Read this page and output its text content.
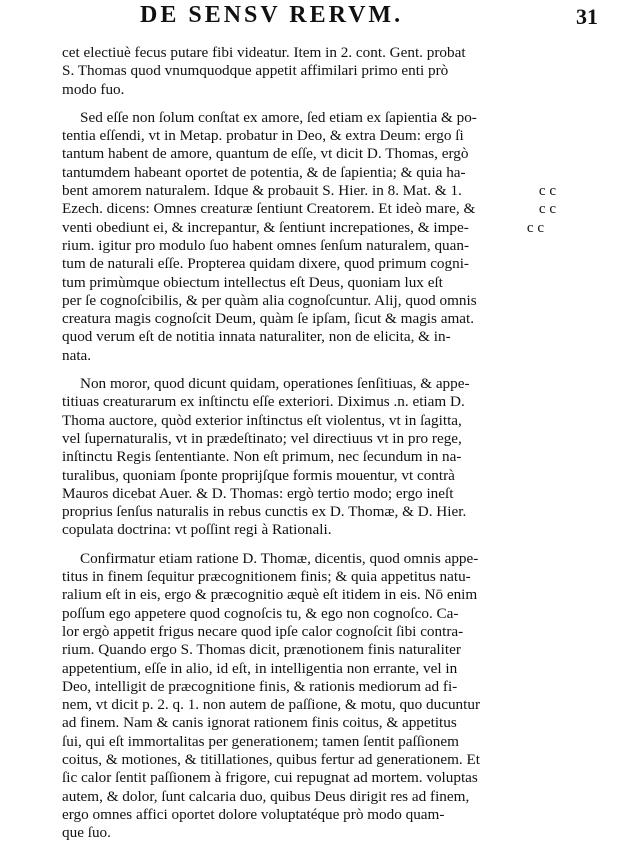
DE SENSV RERVM.	31
cet electiuè fecus putare fibi videatur. Item in 2. cont. Gent. probat
S. Thomas quod vnumquodque appetit affimilari primo enti prò
modo fuo.
Sed eſſe non ſolum conſtat ex amore, ſed etiam ex ſapientia & po-
tentia eſſendi, vt in Metap. probatur in Deo, & extra Deum: ergo ſi
tantum habent de amore, quantum de eſſe, vt dicit D. Thomas, ergò
tantumdem habeant oportet de potentia, & de ſapientia; & quia ha-
bent amorem naturalem. Idque & probauit S. Hier. in 8. Mat. & 1.
Ezech. dicens: Omnes creaturæ ſentiunt Creatorem. Et ideò mare, &
venti obediunt ei, & increpantur, & ſentiunt increpationes, & impe-
rium. igitur pro modulo ſuo habent omnes ſenſum naturalem, quan-
tum de naturali eſſe. Propterea quidam dixere, quod primum cogni-
tum primùmque obiectum intellectus eſt Deus, quoniam lux eſt
per ſe cognoſcibilis, & per quàm alia cognoſcuntur. Alij, quod omnis
creatura magis cognoſcit Deum, quàm ſe ipſam, ſicut & magis amat.
quod verum eſt de notitia innata naturaliter, non de elicita, & in-
nata.
Non moror, quod dicunt quidam, operationes ſenſitiuas, & appe-
titiuas creaturarum ex inſtinctu eſſe exteriori. Diximus .n. etiam D.
Thoma auctore, quòd exterior inſtinctus eſt violentus, vt in ſagitta,
vel ſupernaturalis, vt in prædeſtinato; vel directiuus vt in pro rege,
inſtinctu Regis ſententiante. Non eſt primum, nec ſecundum in na-
turalibus, quoniam ſponte proprijſque formis mouentur, vt contrà
Mauros dicebat Auer. & D. Thomas: ergò tertio modo; ergo ineſt
proprius ſenſus naturalis in rebus cunctis ex D. Thomæ, & D. Hier.
copulata doctrina: vt poſſint regi à Rationali.
Confirmatur etiam ratione D. Thomæ, dicentis, quod omnis appe-
titus in finem ſequitur præcognitionem finis; & quia appetitus natu-
ralium eſt in eis, ergo & præcognitio æquè eſt itidem in eis. Nō enim
poſſum ego appetere quod cognoſcis tu, & ego non cognoſco. Ca-
lor ergò appetit frigus necare quod ipſe calor cognoſcit ſibi contra-
rium. Quando ergo S. Thomas dicit, prænotionem finis naturaliter
appetentium, eſſe in alio, id eſt, in intelligentia non errante, vel in
Deo, intelligit de præcognitione finis, & rationis mediorum ad fi-
nem, vt dicit p. 2. q. 1. non autem de paſſione, & motu, quo ducuntur
ad finem. Nam & canis ignorat rationem finis coitus, & appetitus
ſui, qui eſt immortalitas per generationem; tamen ſentit paſſionem
coitus, & motiones, & titillationes, quibus fertur ad generationem. Et
ſic calor ſentit paſſionem à frigore, cui repugnat ad mortem. voluptas
autem, & dolor, ſunt calcaria duo, quibus Deus dirigit res ad finem,
ergo omnes affici oportet dolore voluptatéque prò modo quam-
que ſuo.
c c
c c
c c
